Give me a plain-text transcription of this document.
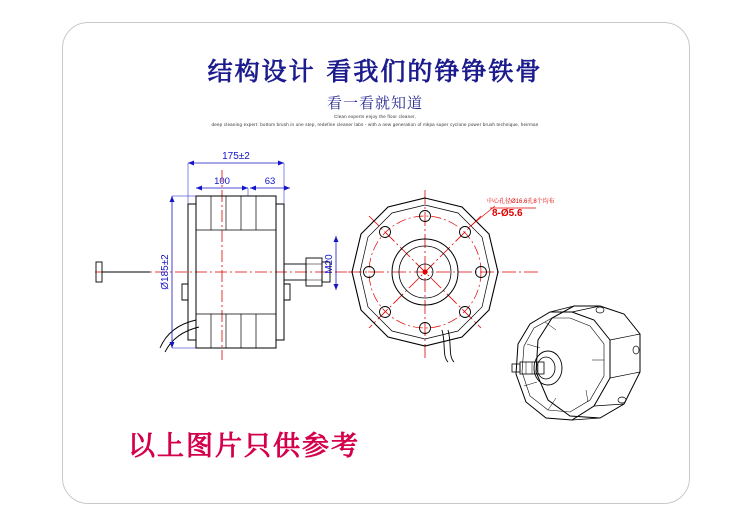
结构设计 看我们的铮铮铁骨
看一看就知道
Clean experts enjoy the floor cleaner,
deep cleaning expert: bottom brush in one step, redefine cleaner labs - with a new generation of mkpa super cyclone power brush technique, heirman
175±2
100	63
Ø185±2	M20
中心孔径Ø16.6孔8个均布
8-Ø5.6
以上图片只供参考
